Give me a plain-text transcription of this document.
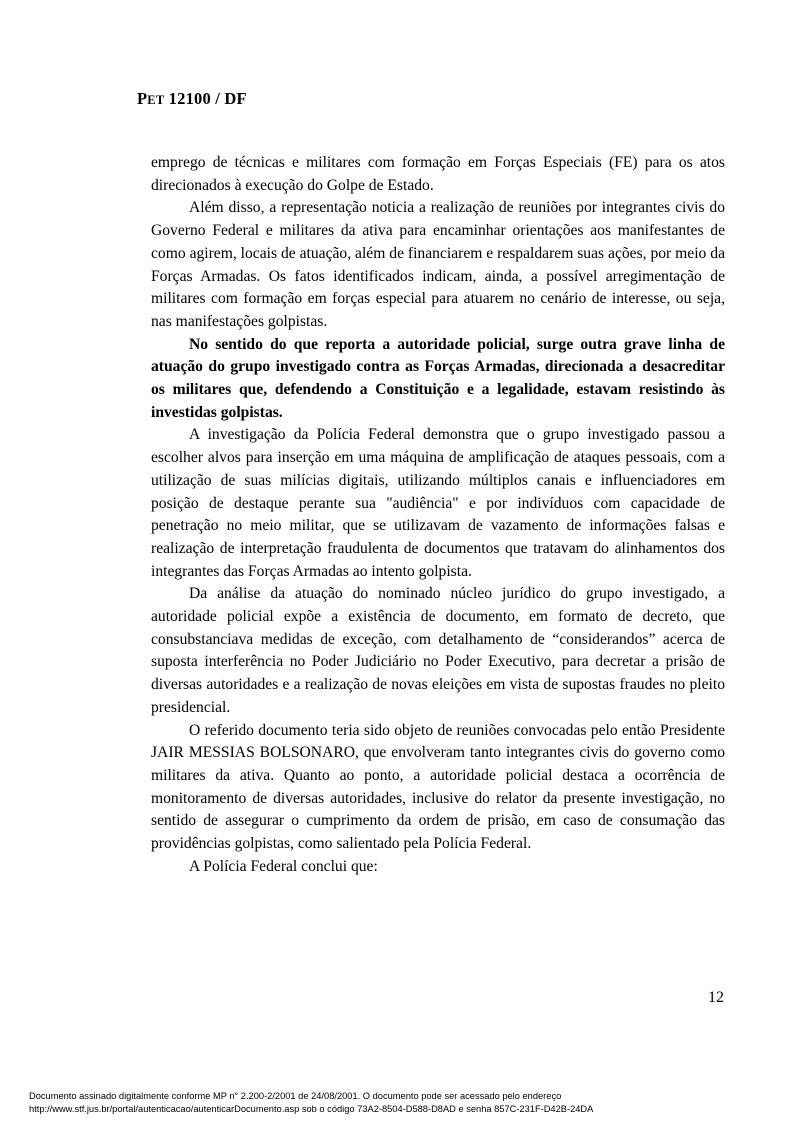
PET 12100 / DF

emprego de técnicas e militares com formação em Forças Especiais (FE) para os atos direcionados à execução do Golpe de Estado.

Além disso, a representação noticia a realização de reuniões por integrantes civis do Governo Federal e militares da ativa para encaminhar orientações aos manifestantes de como agirem, locais de atuação, além de financiarem e respaldarem suas ações, por meio da Forças Armadas. Os fatos identificados indicam, ainda, a possível arregimentação de militares com formação em forças especial para atuarem no cenário de interesse, ou seja, nas manifestações golpistas.

No sentido do que reporta a autoridade policial, surge outra grave linha de atuação do grupo investigado contra as Forças Armadas, direcionada a desacreditar os militares que, defendendo a Constituição e a legalidade, estavam resistindo às investidas golpistas.

A investigação da Polícia Federal demonstra que o grupo investigado passou a escolher alvos para inserção em uma máquina de amplificação de ataques pessoais, com a utilização de suas milícias digitais, utilizando múltiplos canais e influenciadores em posição de destaque perante sua "audiência" e por indivíduos com capacidade de penetração no meio militar, que se utilizavam de vazamento de informações falsas e realização de interpretação fraudulenta de documentos que tratavam do alinhamentos dos integrantes das Forças Armadas ao intento golpista.

Da análise da atuação do nominado núcleo jurídico do grupo investigado, a autoridade policial expõe a existência de documento, em formato de decreto, que consubstanciava medidas de exceção, com detalhamento de “considerandos” acerca de suposta interferência no Poder Judiciário no Poder Executivo, para decretar a prisão de diversas autoridades e a realização de novas eleições em vista de supostas fraudes no pleito presidencial.

O referido documento teria sido objeto de reuniões convocadas pelo então Presidente JAIR MESSIAS BOLSONARO, que envolveram tanto integrantes civis do governo como militares da ativa. Quanto ao ponto, a autoridade policial destaca a ocorrência de monitoramento de diversas autoridades, inclusive do relator da presente investigação, no sentido de assegurar o cumprimento da ordem de prisão, em caso de consumação das providências golpistas, como salientado pela Polícia Federal.

A Polícia Federal conclui que:

12
Documento assinado digitalmente conforme MP n° 2.200-2/2001 de 24/08/2001. O documento pode ser acessado pelo endereço
http://www.stf.jus.br/portal/autenticacao/autenticarDocumento.asp sob o código 73A2-8504-D588-D8AD e senha 857C-231F-D42B-24DA
